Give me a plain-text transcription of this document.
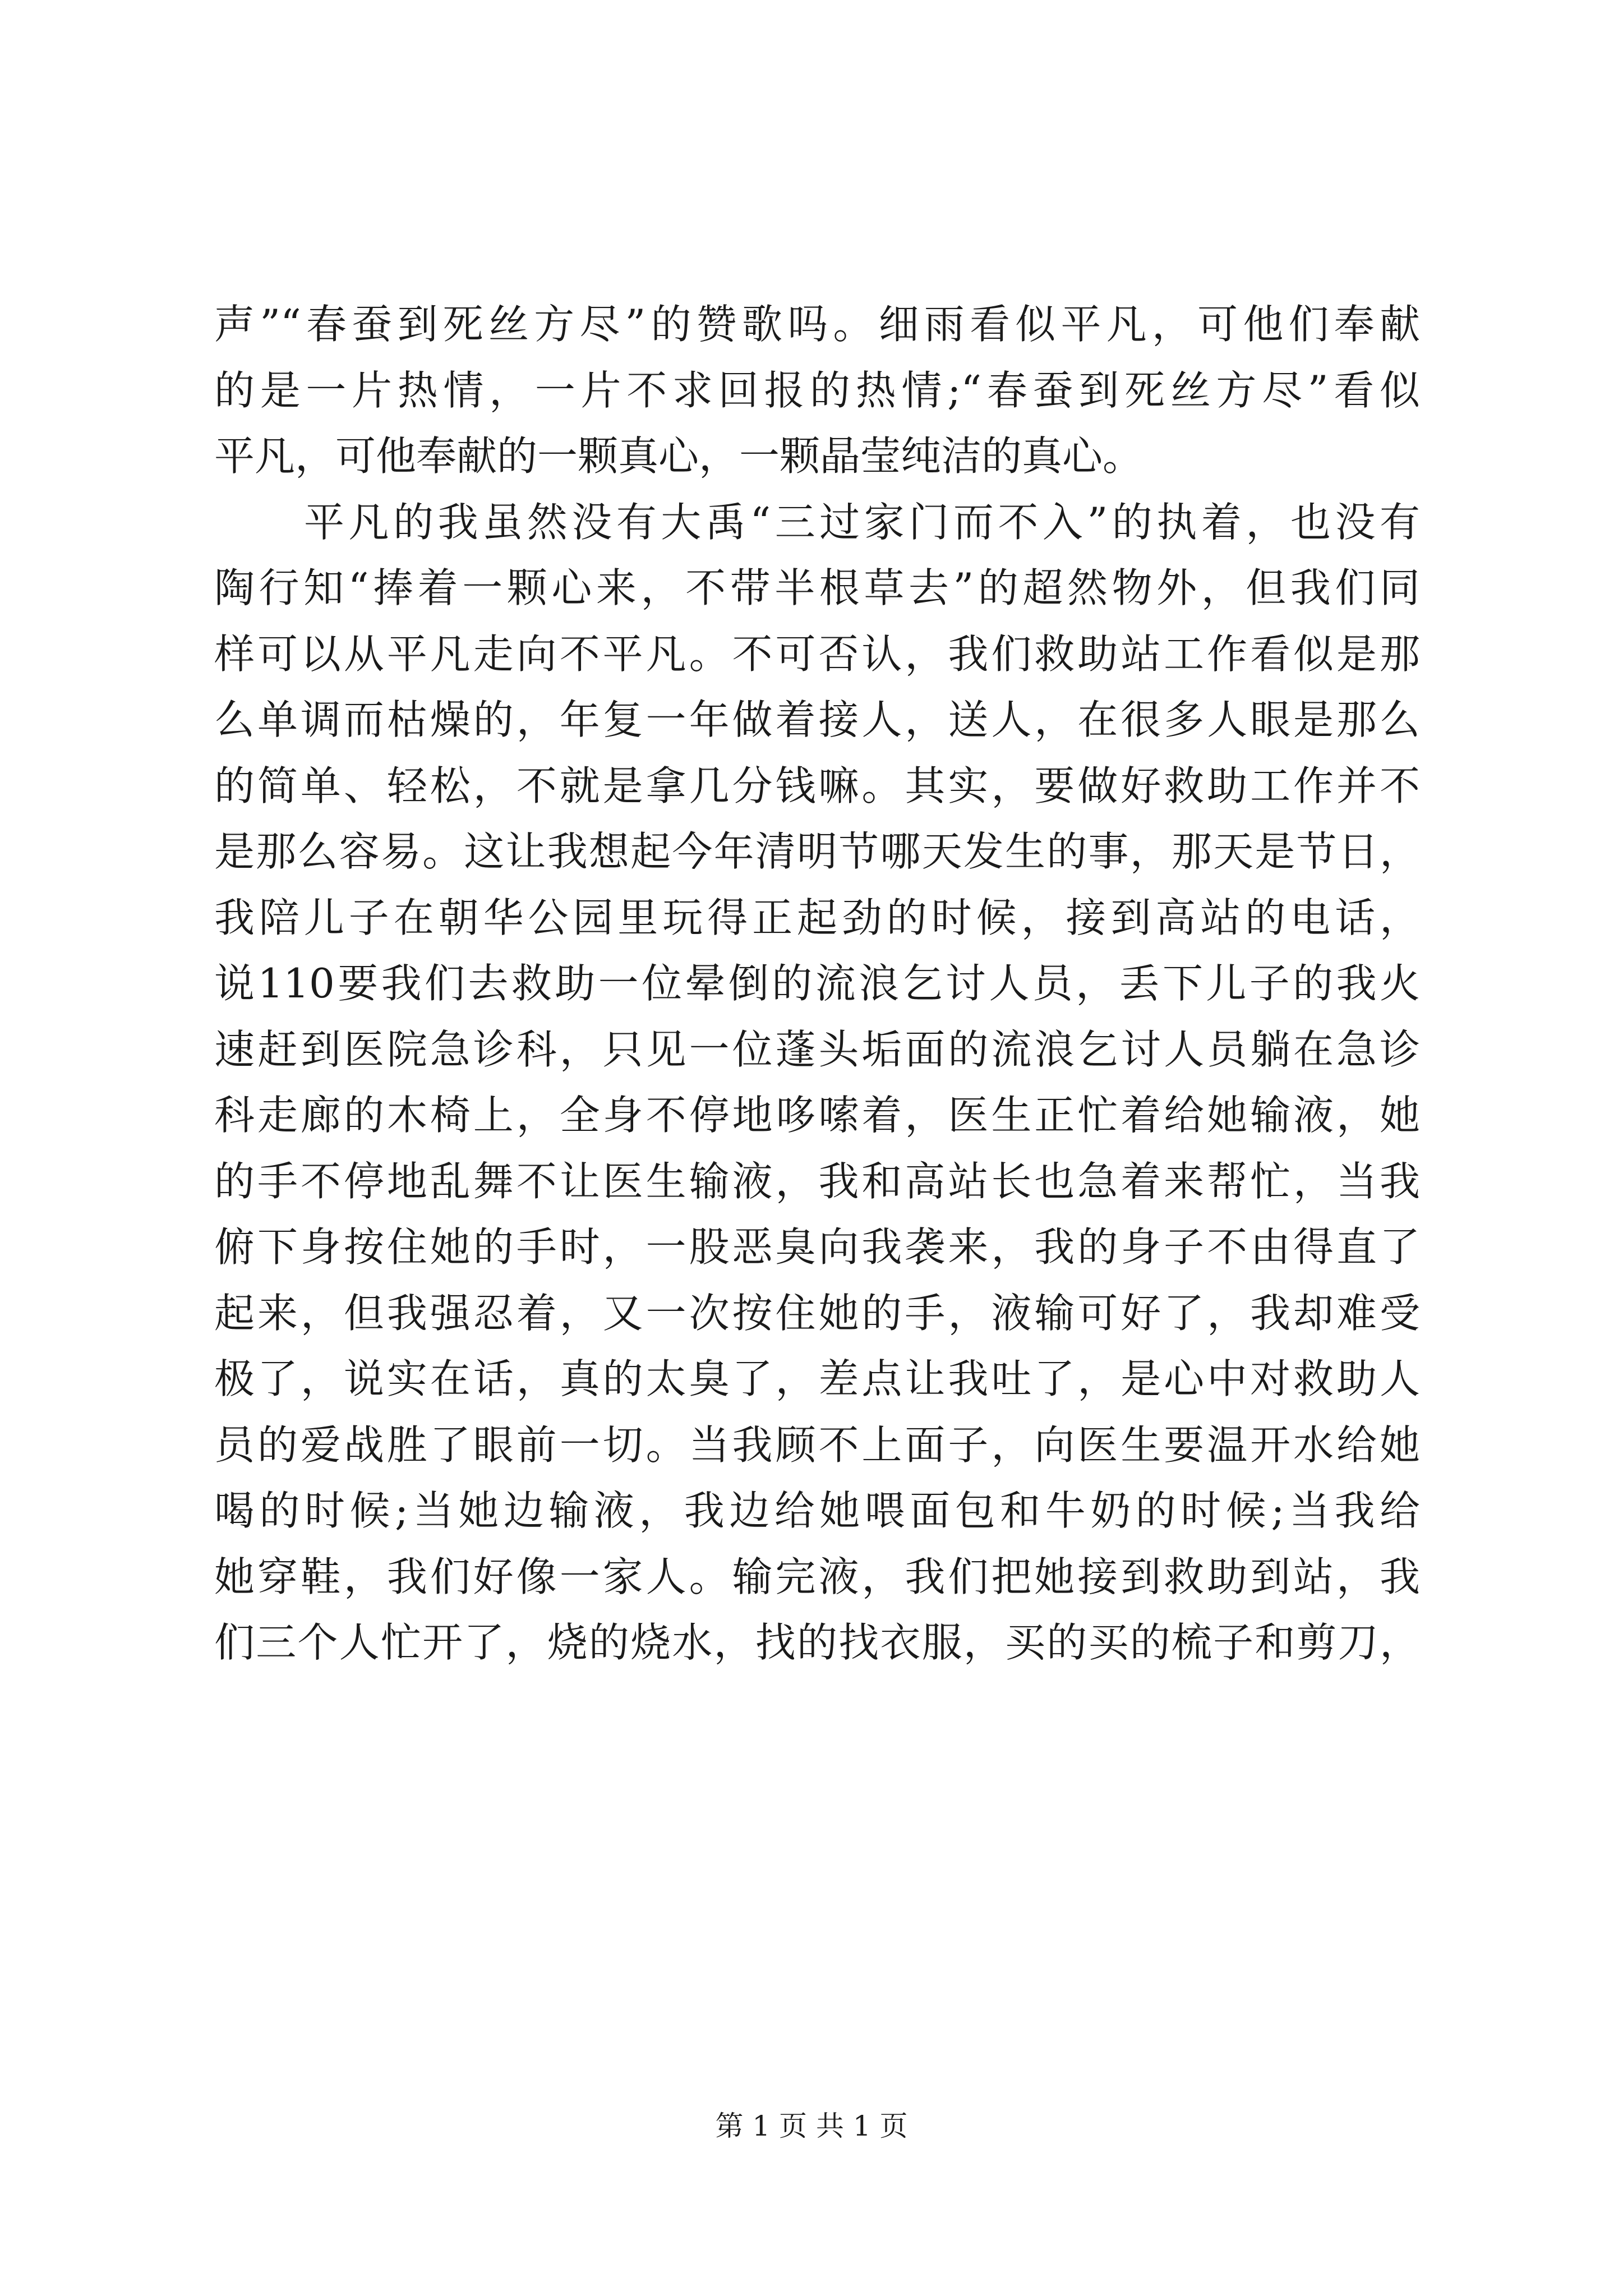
声”“春蚕到死丝方尽”的赞歌吗。细雨看似平凡，可他们奉献
的是一片热情，一片不求回报的热情;“春蚕到死丝方尽”看似
平凡，可他奉献的一颗真心，一颗晶莹纯洁的真心。
平凡的我虽然没有大禹“三过家门而不入”的执着，也没有
陶行知“捧着一颗心来，不带半根草去”的超然物外，但我们同
样可以从平凡走向不平凡。不可否认，我们救助站工作看似是那
么单调而枯燥的，年复一年做着接人，送人，在很多人眼是那么
的简单、轻松，不就是拿几分钱嘛。其实，要做好救助工作并不
是那么容易。这让我想起今年清明节哪天发生的事，那天是节日，
我陪儿子在朝华公园里玩得正起劲的时候，接到高站的电话，
说110要我们去救助一位晕倒的流浪乞讨人员，丢下儿子的我火
速赶到医院急诊科，只见一位蓬头垢面的流浪乞讨人员躺在急诊
科走廊的木椅上，全身不停地哆嗦着，医生正忙着给她输液，她
的手不停地乱舞不让医生输液，我和高站长也急着来帮忙，当我
俯下身按住她的手时，一股恶臭向我袭来，我的身子不由得直了
起来，但我强忍着，又一次按住她的手，液输可好了，我却难受
极了，说实在话，真的太臭了，差点让我吐了，是心中对救助人
员的爱战胜了眼前一切。当我顾不上面子，向医生要温开水给她
喝的时候;当她边输液，我边给她喂面包和牛奶的时候;当我给
她穿鞋，我们好像一家人。输完液，我们把她接到救助到站，我
们三个人忙开了，烧的烧水，找的找衣服，买的买的梳子和剪刀，
第 1 页 共 1 页
